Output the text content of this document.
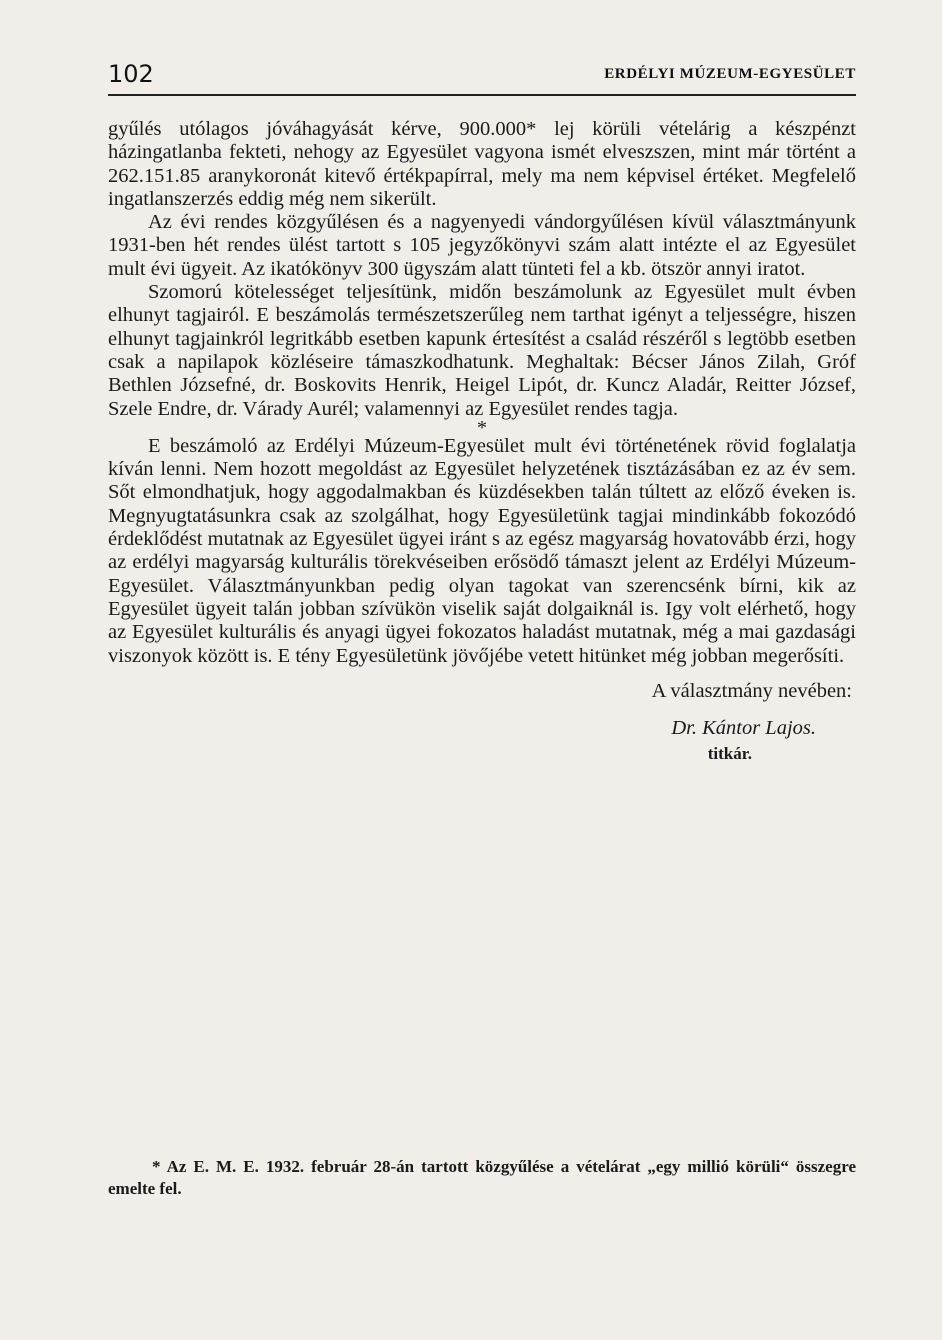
102	ERDÉLYI MÚZEUM-EGYESÜLET

gyűlés utólagos jóváhagyását kérve, 900.000* lej körüli vételárig a készpénzt házingatlanba fekteti, nehogy az Egyesület vagyona ismét elveszszen, mint már történt a 262.151.85 aranykoronát kitevő értékpapírral, mely ma nem képvisel értéket. Megfelelő ingatlanszerzés eddig még nem sikerült.

Az évi rendes közgyűlésen és a nagyenyedi vándorgyűlésen kívül választmányunk 1931-ben hét rendes ülést tartott s 105 jegyzőkönyvi szám alatt intézte el az Egyesület mult évi ügyeit. Az ikatókönyv 300 ügyszám alatt tünteti fel a kb. ötször annyi iratot.

Szomorú kötelességet teljesítünk, midőn beszámolunk az Egyesület mult évben elhunyt tagjairól. E beszámolás természetszerűleg nem tarthat igényt a teljességre, hiszen elhunyt tagjainkról legritkább esetben kapunk értesítést a család részéről s legtöbb esetben csak a napilapok közléseire támaszkodhatunk. Meghaltak: Bécser János Zilah, Gróf Bethlen Józsefné, dr. Boskovits Henrik, Heigel Lipót, dr. Kuncz Aladár, Reitter József, Szele Endre, dr. Várady Aurél; valamennyi az Egyesület rendes tagja.

*

E beszámoló az Erdélyi Múzeum-Egyesület mult évi történetének rövid foglalatja kíván lenni. Nem hozott megoldást az Egyesület helyzetének tisztázásában ez az év sem. Sőt elmondhatjuk, hogy aggodalmakban és küzdésekben talán túltett az előző éveken is. Megnyugtatásunkra csak az szolgálhat, hogy Egyesületünk tagjai mindinkább fokozódó érdeklődést mutatnak az Egyesület ügyei iránt s az egész magyarság hovatovább érzi, hogy az erdélyi magyarság kulturális törekvéseiben erősödő támaszt jelent az Erdélyi Múzeum-Egyesület. Választmányunkban pedig olyan tagokat van szerencsénk bírni, kik az Egyesület ügyeit talán jobban szívükön viselik saját dolgaiknál is. Igy volt elérhető, hogy az Egyesület kulturális és anyagi ügyei fokozatos haladást mutatnak, még a mai gazdasági viszonyok között is. E tény Egyesületünk jövőjébe vetett hitünket még jobban megerősíti.

A választmány nevében:
Dr. Kántor Lajos.
titkár.

* Az E. M. E. 1932. február 28-án tartott közgyűlése a vételárat „egy millió körüli“ összegre emelte fel.
